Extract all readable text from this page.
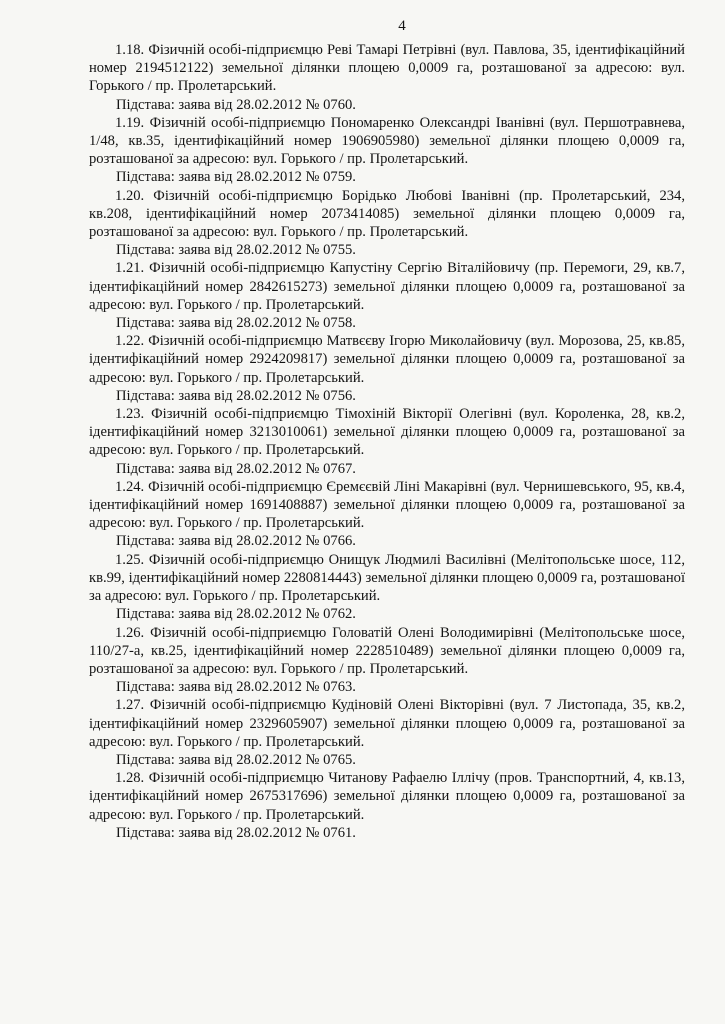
4

1.18. Фізичній особі-підприємцю Реві Тамарі Петрівні (вул. Павлова, 35, ідентифікаційний номер 2194512122) земельної ділянки площею 0,0009 га, розташованої за адресою: вул. Горького / пр. Пролетарський.

Підстава: заява від 28.02.2012 № 0760.

1.19. Фізичній особі-підприємцю Пономаренко Олександрі Іванівні (вул. Першотравнева, 1/48, кв.35, ідентифікаційний номер 1906905980) земельної ділянки площею 0,0009 га, розташованої за адресою: вул. Горького / пр. Пролетарський.

Підстава: заява від 28.02.2012 № 0759.

1.20. Фізичній особі-підприємцю Борідько Любові Іванівні (пр. Пролетарський, 234, кв.208, ідентифікаційний номер 2073414085) земельної ділянки площею 0,0009 га, розташованої за адресою: вул. Горького / пр. Пролетарський.

Підстава: заява від 28.02.2012 № 0755.

1.21. Фізичній особі-підприємцю Капустіну Сергію Віталійовичу (пр. Перемоги, 29, кв.7, ідентифікаційний номер 2842615273) земельної ділянки площею 0,0009 га, розташованої за адресою: вул. Горького / пр. Пролетарський.

Підстава: заява від 28.02.2012 № 0758.

1.22. Фізичній особі-підприємцю Матвєєву Ігорю Миколайовичу (вул. Морозова, 25, кв.85, ідентифікаційний номер 2924209817) земельної ділянки площею 0,0009 га, розташованої за адресою: вул. Горького / пр. Пролетарський.

Підстава: заява від 28.02.2012 № 0756.

1.23. Фізичній особі-підприємцю Тімохіній Вікторії Олегівні (вул. Короленка, 28, кв.2, ідентифікаційний номер 3213010061) земельної ділянки площею 0,0009 га, розташованої за адресою: вул. Горького / пр. Пролетарський.

Підстава: заява від 28.02.2012 № 0767.

1.24. Фізичній особі-підприємцю Єремєєвій Ліні Макарівні (вул. Чернишевського, 95, кв.4, ідентифікаційний номер 1691408887) земельної ділянки площею 0,0009 га, розташованої за адресою: вул. Горького / пр. Пролетарський.

Підстава: заява від 28.02.2012 № 0766.

1.25. Фізичній особі-підприємцю Онищук Людмилі Василівні (Мелітопольське шосе, 112, кв.99, ідентифікаційний номер 2280814443) земельної ділянки площею 0,0009 га, розташованої за адресою: вул. Горького / пр. Пролетарський.

Підстава: заява від 28.02.2012 № 0762.

1.26. Фізичній особі-підприємцю Головатій Олені Володимирівні (Мелітопольське шосе, 110/27-а, кв.25, ідентифікаційний номер 2228510489) земельної ділянки площею 0,0009 га, розташованої за адресою: вул. Горького / пр. Пролетарський.

Підстава: заява від 28.02.2012 № 0763.

1.27. Фізичній особі-підприємцю Кудіновій Олені Вікторівні (вул. 7 Листопада, 35, кв.2, ідентифікаційний номер 2329605907) земельної ділянки площею 0,0009 га, розташованої за адресою: вул. Горького / пр. Пролетарський.

Підстава: заява від 28.02.2012 № 0765.

1.28. Фізичній особі-підприємцю Читанову Рафаелю Іллічу (пров. Транспортний, 4, кв.13, ідентифікаційний номер 2675317696) земельної ділянки площею 0,0009 га, розташованої за адресою: вул. Горького / пр. Пролетарський.

Підстава: заява від 28.02.2012 № 0761.
